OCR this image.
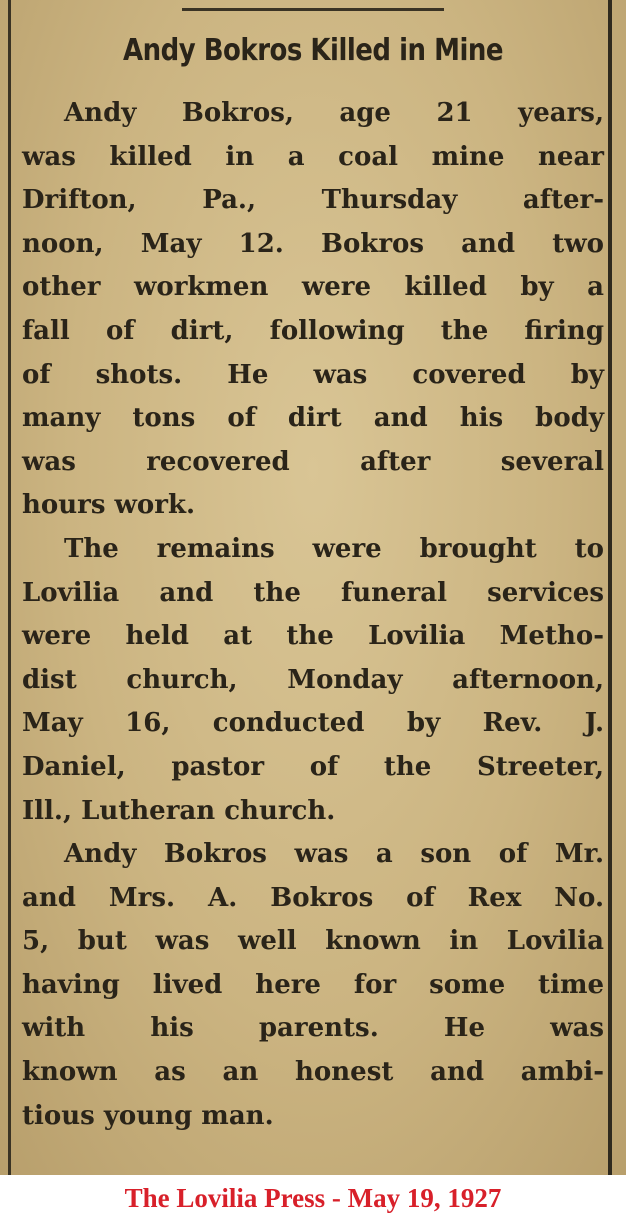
Andy Bokros Killed in Mine
Andy Bokros, age 21 years,
was killed in a coal mine near
Drifton, Pa., Thursday after-
noon, May 12. Bokros and two
other workmen were killed by a
fall of dirt, following the firing
of shots. He was covered by
many tons of dirt and his body
was recovered after several
hours work.
The remains were brought to
Lovilia and the funeral services
were held at the Lovilia Metho-
dist church, Monday afternoon,
May 16, conducted by Rev. J.
Daniel, pastor of the Streeter,
Ill., Lutheran church.
Andy Bokros was a son of Mr.
and Mrs. A. Bokros of Rex No.
5, but was well known in Lovilia
having lived here for some time
with his parents. He was
known as an honest and ambi-
tious young man.
The Lovilia Press - May 19, 1927
